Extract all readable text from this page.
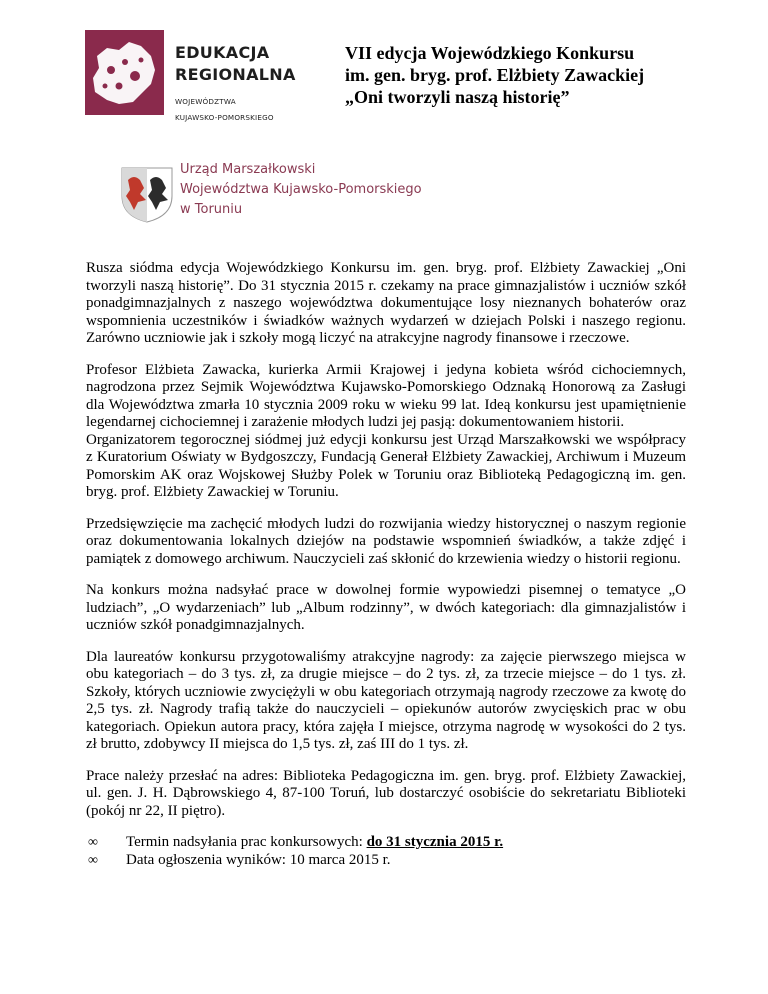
EDUKACJA
REGIONALNA
WOJEWÓDZTWA
KUJAWSKO-POMORSKIEGO
VII edycja Wojewódzkiego Konkursu
im. gen. bryg. prof. Elżbiety Zawackiej
„Oni tworzyli naszą historię”
Urząd Marszałkowski
Województwa Kujawsko-Pomorskiego
w Toruniu

Rusza siódma edycja Wojewódzkiego Konkursu im. gen. bryg. prof. Elżbiety Zawackiej „Oni tworzyli naszą historię”. Do 31 stycznia 2015 r. czekamy na prace gimnazjalistów i uczniów szkół ponadgimnazjalnych z naszego województwa dokumentujące losy nieznanych bohaterów oraz wspomnienia uczestników i świadków ważnych wydarzeń w dziejach Polski i naszego regionu. Zarówno uczniowie jak i szkoły mogą liczyć na atrakcyjne nagrody finansowe i rzeczowe.

Profesor Elżbieta Zawacka, kurierka Armii Krajowej i jedyna kobieta wśród cichociemnych, nagrodzona przez Sejmik Województwa Kujawsko-Pomorskiego Odznaką Honorową za Zasługi dla Województwa zmarła 10 stycznia 2009 roku w wieku 99 lat. Ideą konkursu jest upamiętnienie legendarnej cichociemnej i zarażenie młodych ludzi jej pasją: dokumentowaniem historii.

Organizatorem tegorocznej siódmej już edycji konkursu jest Urząd Marszałkowski we współpracy z Kuratorium Oświaty w Bydgoszczy, Fundacją Generał Elżbiety Zawackiej, Archiwum i Muzeum Pomorskim AK oraz Wojskowej Służby Polek w Toruniu oraz Biblioteką Pedagogiczną im. gen. bryg. prof. Elżbiety Zawackiej w Toruniu.

Przedsięwzięcie ma zachęcić młodych ludzi do rozwijania wiedzy historycznej o naszym regionie oraz dokumentowania lokalnych dziejów na podstawie wspomnień świadków, a także zdjęć i pamiątek z domowego archiwum. Nauczycieli zaś skłonić do krzewienia wiedzy o historii regionu.

Na konkurs można nadsyłać prace w dowolnej formie wypowiedzi pisemnej o tematyce „O ludziach”, „O wydarzeniach” lub „Album rodzinny”, w dwóch kategoriach: dla gimnazjalistów i uczniów szkół ponadgimnazjalnych.

Dla laureatów konkursu przygotowaliśmy atrakcyjne nagrody: za zajęcie pierwszego miejsca w obu kategoriach – do 3 tys. zł, za drugie miejsce – do 2 tys. zł, za trzecie miejsce – do 1 tys. zł. Szkoły, których uczniowie zwyciężyli w obu kategoriach otrzymają nagrody rzeczowe za kwotę do 2,5 tys. zł. Nagrody trafią także do nauczycieli – opiekunów autorów zwycięskich prac w obu kategoriach. Opiekun autora pracy, która zajęła I miejsce, otrzyma nagrodę w wysokości do 2 tys. zł brutto, zdobywcy II miejsca do 1,5 tys. zł, zaś III do 1 tys. zł.

Prace należy przesłać na adres: Biblioteka Pedagogiczna im. gen. bryg. prof. Elżbiety Zawackiej, ul. gen. J. H. Dąbrowskiego 4, 87-100 Toruń, lub dostarczyć osobiście do sekretariatu Biblioteki (pokój nr 22, II piętro).

∞ Termin nadsyłania prac konkursowych: do 31 stycznia 2015 r.
∞ Data ogłoszenia wyników: 10 marca 2015 r.
